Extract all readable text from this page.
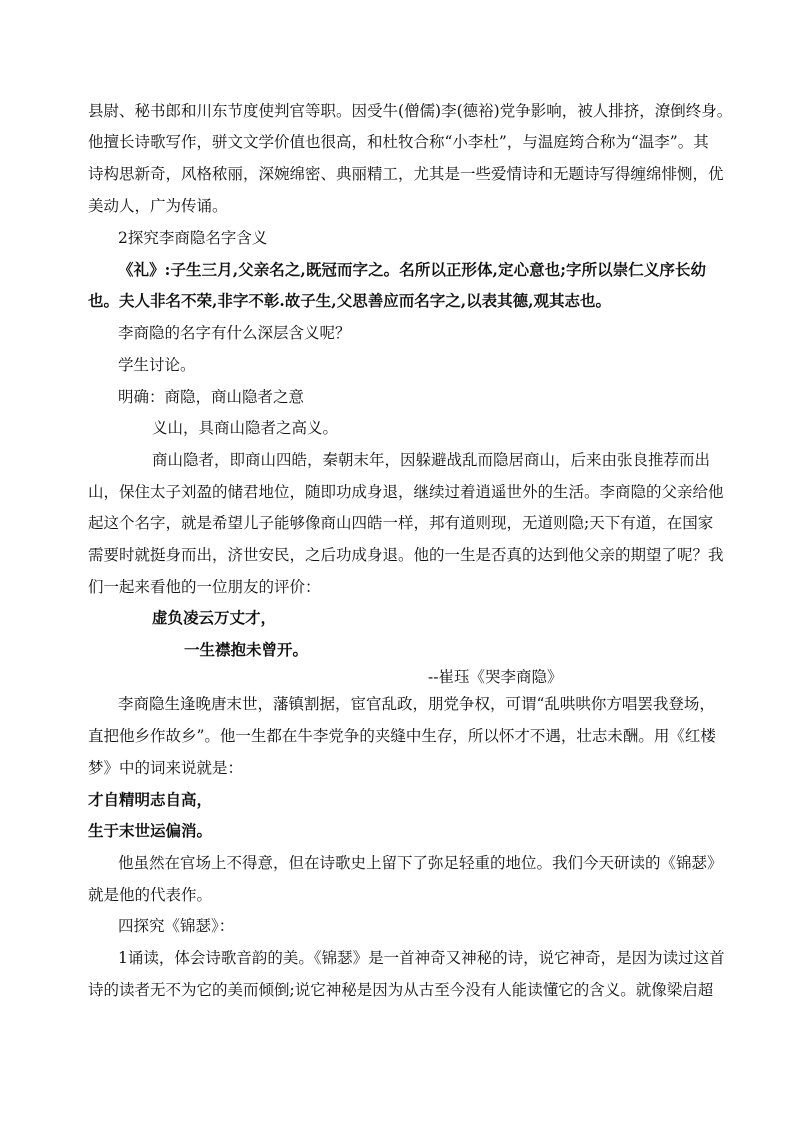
县尉、秘书郎和川东节度使判官等职。因受牛(僧儒)李(德裕)党争影响，被人排挤，潦倒终身。
他擅长诗歌写作，骈文文学价值也很高，和杜牧合称“小李杜”，与温庭筠合称为“温李”。其
诗构思新奇，风格秾丽，深婉绵密、典丽精工，尤其是一些爱情诗和无题诗写得缠绵悱恻，优
美动人，广为传诵。
2探究李商隐名字含义
《礼》:子生三月,父亲名之,既冠而字之。名所以正形体,定心意也;字所以崇仁义序长幼
也。夫人非名不荣,非字不彰.故子生,父思善应而名字之,以表其德,观其志也。
李商隐的名字有什么深层含义呢？
学生讨论。
明确：商隐，商山隐者之意
义山，具商山隐者之高义。
商山隐者，即商山四皓，秦朝末年，因躲避战乱而隐居商山，后来由张良推荐而出
山，保住太子刘盈的储君地位，随即功成身退，继续过着逍遥世外的生活。李商隐的父亲给他
起这个名字，就是希望儿子能够像商山四皓一样，邦有道则现，无道则隐;天下有道，在国家
需要时就挺身而出，济世安民，之后功成身退。他的一生是否真的达到他父亲的期望了呢？我
们一起来看他的一位朋友的评价：
虚负凌云万丈才，
一生襟抱未曾开。
--崔珏《哭李商隐》
李商隐生逢晚唐末世，藩镇割据，宦官乱政，朋党争权，可谓“乱哄哄你方唱罢我登场，
直把他乡作故乡”。他一生都在牛李党争的夹缝中生存，所以怀才不遇，壮志未酬。用《红楼
梦》中的词来说就是：
才自精明志自高，
生于末世运偏消。
他虽然在官场上不得意，但在诗歌史上留下了弥足轻重的地位。我们今天研读的《锦瑟》
就是他的代表作。
四探究《锦瑟》：
1诵读，体会诗歌音韵的美。《锦瑟》是一首神奇又神秘的诗，说它神奇，是因为读过这首
诗的读者无不为它的美而倾倒;说它神秘是因为从古至今没有人能读懂它的含义。就像梁启超
